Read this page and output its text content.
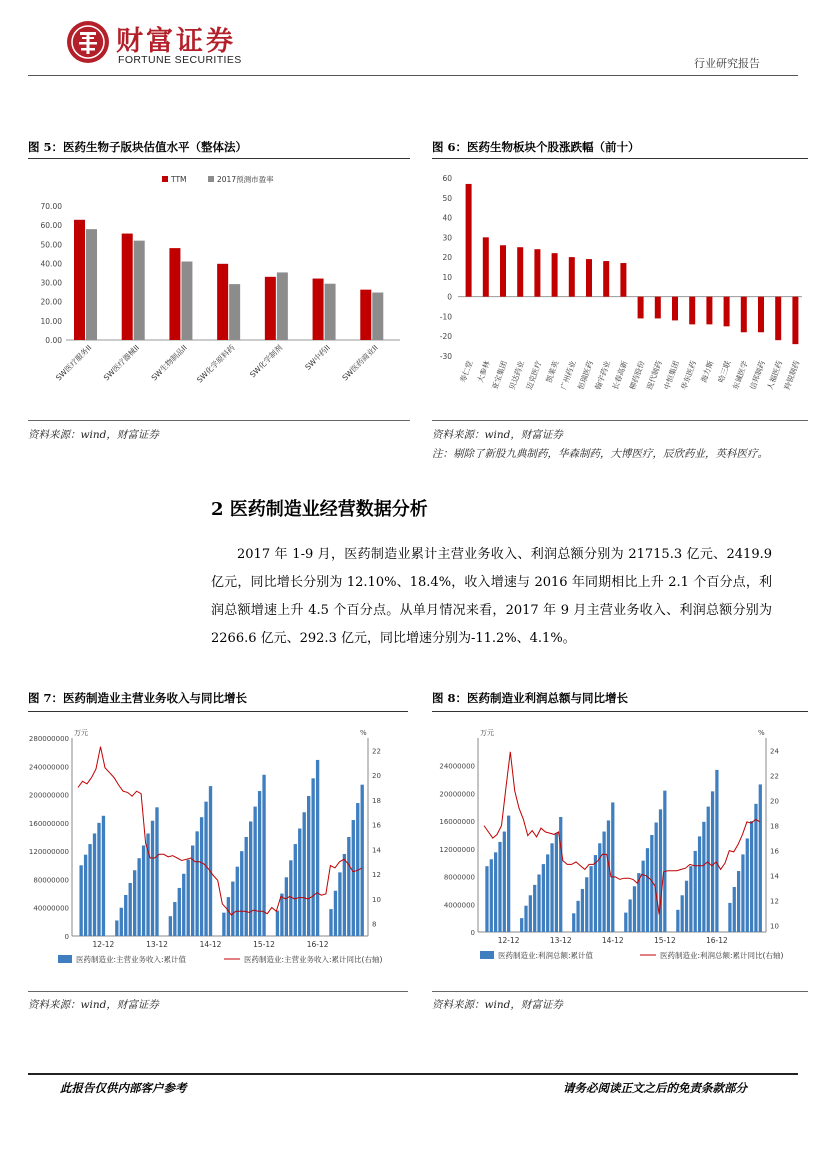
财富证券
FORTUNE SECURITIES	行业研究报告
图 5：医药生物子版块估值水平（整体法）
0.00
10.00
20.00
30.00
40.00
50.00
60.00
70.00
SW医疗服务II SW医疗器械II SW生物制品II SW化学原料药 SW化学制剂	SW中药II SW医药商业II
TTM	2017预测市盈率
资料来源：wind，财富证券
图 6：医药生物板块个股涨跌幅（前十）
-30
-20
-10
0
10
20
30
40
50
60
寿仁堂 大参林
亚宝集团
贝达药业
迈克医疗 凯莱英
广州药业
恒瑞医药
翰宇药业
长春高新
柳药股份
现代制药
中恒集团
华东医药 海力斯 哈三联
东诚医学
信邦制药
人福医药
羚锐制药
资料来源：wind，财富证券
注：剔除了新股九典制药，华森制药，大博医疗，辰欣药业，英科医疗。
2 医药制造业经营数据分析
2017 年 1-9 月，医药制造业累计主营业务收入、利润总额分别为 21715.3 亿元、2419.9 亿元，同比增长分别为 12.10%、18.4%，收入增速与 2016 年同期相比上升 2.1 个百分点，利润总额增速上升 4.5 个百分点。从单月情况来看，2017 年 9 月主营业务收入、利润总额分别为 2266.6 亿元、292.3 亿元，同比增速分别为-11.2%、4.1%。
图 7：医药制造业主营业务收入与同比增长
万元	%
0
40000000
80000000
120000000
160000000
200000000
240000000
280000000
8
10
12
14
16
18
20
22
12-12	13-12	14-12	15-12	16-12
医药制造业:主营业务收入:累计值	医药制造业:主营业务收入:累计同比(右轴)
资料来源：wind，财富证券
图 8：医药制造业利润总额与同比增长
万元	%
0
4000000
8000000
12000000
16000000
20000000
24000000
10
12
14
16
18
20
22
24
12-12	13-12	14-12	15-12	16-12
医药制造业:利润总额:累计值	医药制造业:利润总额:累计同比(右轴)
资料来源：wind，财富证券
此报告仅供内部客户参考	请务必阅读正文之后的免责条款部分
